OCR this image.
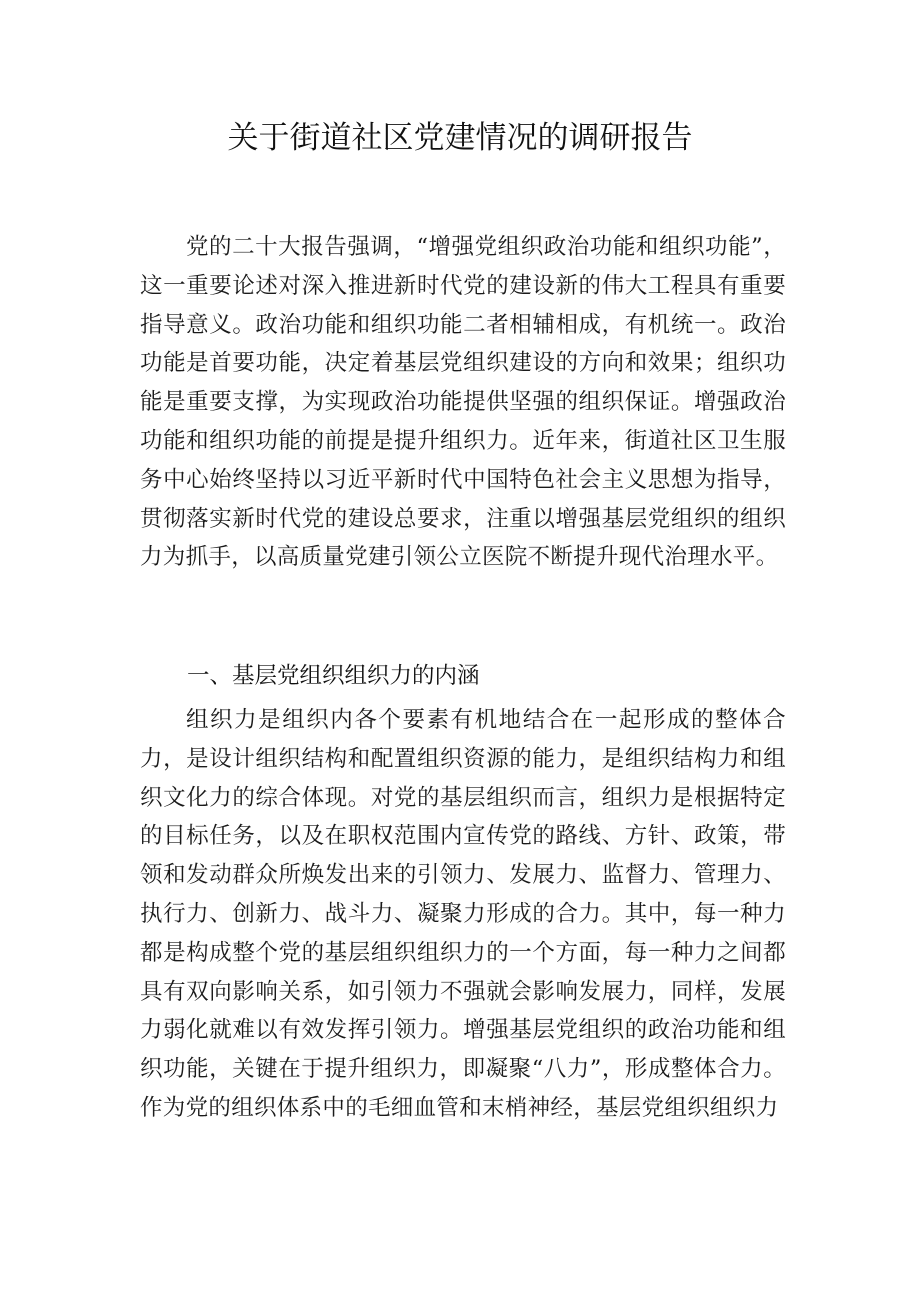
关于街道社区党建情况的调研报告

党的二十大报告强调，“增强党组织政治功能和组织功能”，这一重要论述对深入推进新时代党的建设新的伟大工程具有重要指导意义。政治功能和组织功能二者相辅相成，有机统一。政治功能是首要功能，决定着基层党组织建设的方向和效果；组织功能是重要支撑，为实现政治功能提供坚强的组织保证。增强政治功能和组织功能的前提是提升组织力。近年来，街道社区卫生服务中心始终坚持以习近平新时代中国特色社会主义思想为指导，贯彻落实新时代党的建设总要求，注重以增强基层党组织的组织力为抓手，以高质量党建引领公立医院不断提升现代治理水平。

一、基层党组织组织力的内涵

组织力是组织内各个要素有机地结合在一起形成的整体合力，是设计组织结构和配置组织资源的能力，是组织结构力和组织文化力的综合体现。对党的基层组织而言，组织力是根据特定的目标任务，以及在职权范围内宣传党的路线、方针、政策，带领和发动群众所焕发出来的引领力、发展力、监督力、管理力、执行力、创新力、战斗力、凝聚力形成的合力。其中，每一种力都是构成整个党的基层组织组织力的一个方面，每一种力之间都具有双向影响关系，如引领力不强就会影响发展力，同样，发展力弱化就难以有效发挥引领力。增强基层党组织的政治功能和组织功能，关键在于提升组织力，即凝聚“八力”，形成整体合力。作为党的组织体系中的毛细血管和末梢神经，基层党组织组织力
